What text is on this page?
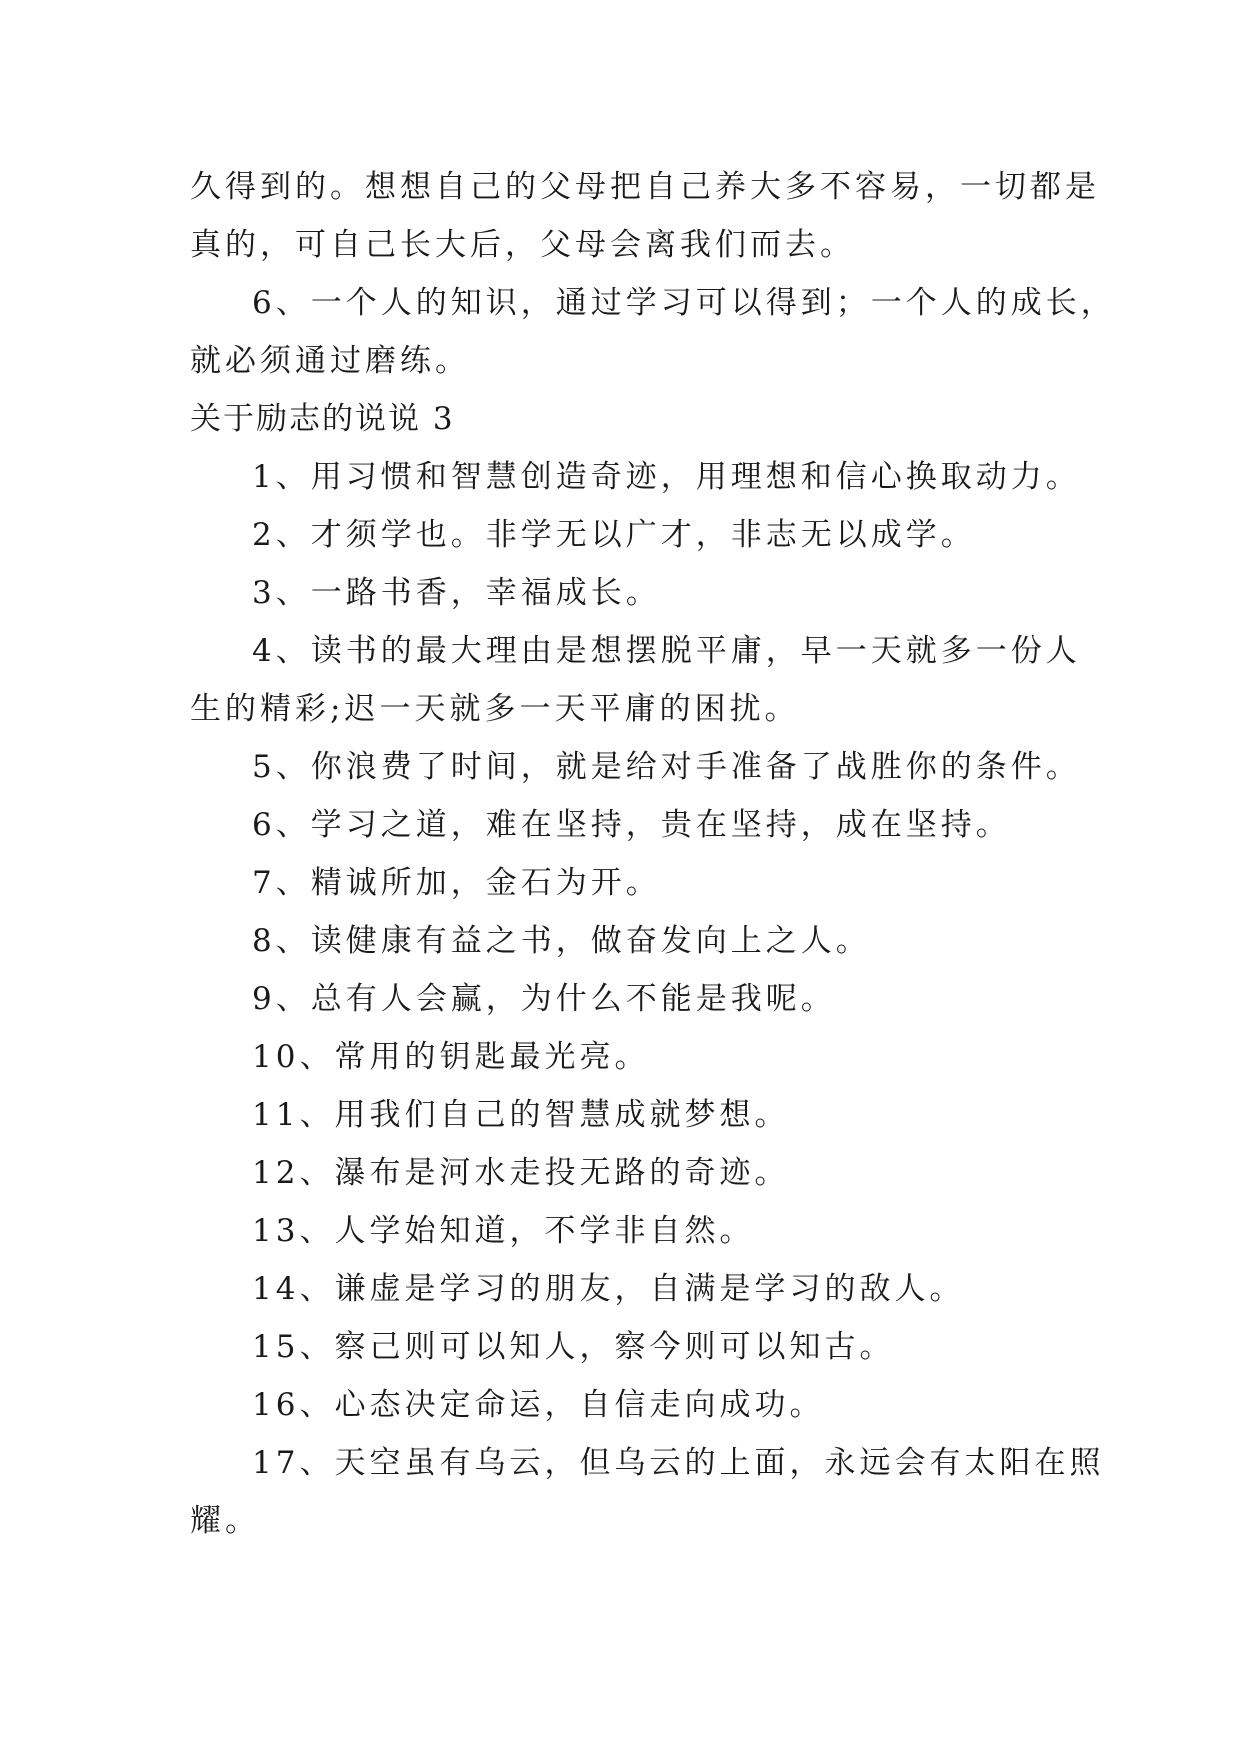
久得到的。想想自己的父母把自己养大多不容易，一切都是

真的，可自己长大后，父母会离我们而去。

6、一个人的知识，通过学习可以得到；一个人的成长，

就必须通过磨练。

关于励志的说说 3

1、用习惯和智慧创造奇迹，用理想和信心换取动力。

2、才须学也。非学无以广才，非志无以成学。

3、一路书香，幸福成长。

4、读书的最大理由是想摆脱平庸，早一天就多一份人

生的精彩;迟一天就多一天平庸的困扰。

5、你浪费了时间，就是给对手准备了战胜你的条件。

6、学习之道，难在坚持，贵在坚持，成在坚持。

7、精诚所加，金石为开。

8、读健康有益之书，做奋发向上之人。

9、总有人会赢，为什么不能是我呢。

10、常用的钥匙最光亮。

11、用我们自己的智慧成就梦想。

12、瀑布是河水走投无路的奇迹。

13、人学始知道，不学非自然。

14、谦虚是学习的朋友，自满是学习的敌人。

15、察己则可以知人，察今则可以知古。

16、心态决定命运，自信走向成功。

17、天空虽有乌云，但乌云的上面，永远会有太阳在照

耀。
